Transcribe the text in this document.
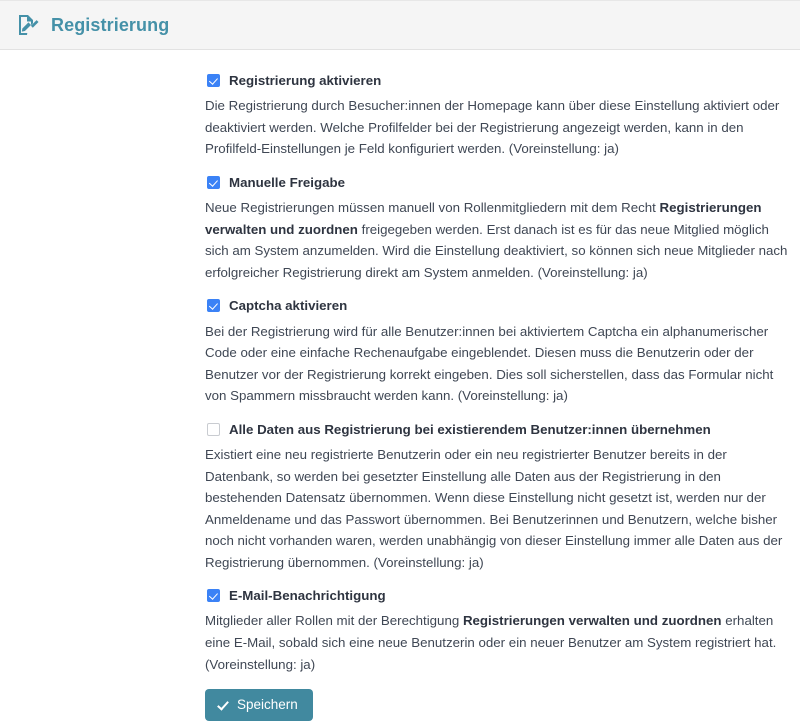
Registrierung
Registrierung aktivieren

Die Registrierung durch Besucher:innen der Homepage kann über diese Einstellung aktiviert oder deaktiviert werden. Welche Profilfelder bei der Registrierung angezeigt werden, kann in den Profilfeld-Einstellungen je Feld konfiguriert werden. (Voreinstellung: ja)

Manuelle Freigabe

Neue Registrierungen müssen manuell von Rollenmitgliedern mit dem Recht Registrierungen verwalten und zuordnen freigegeben werden. Erst danach ist es für das neue Mitglied möglich sich am System anzumelden. Wird die Einstellung deaktiviert, so können sich neue Mitglieder nach erfolgreicher Registrierung direkt am System anmelden. (Voreinstellung: ja)

Captcha aktivieren

Bei der Registrierung wird für alle Benutzer:innen bei aktiviertem Captcha ein alphanumerischer Code oder eine einfache Rechenaufgabe eingeblendet. Diesen muss die Benutzerin oder der Benutzer vor der Registrierung korrekt eingeben. Dies soll sicherstellen, dass das Formular nicht von Spammern missbraucht werden kann. (Voreinstellung: ja)

Alle Daten aus Registrierung bei existierendem Benutzer:innen übernehmen

Existiert eine neu registrierte Benutzerin oder ein neu registrierter Benutzer bereits in der Datenbank, so werden bei gesetzter Einstellung alle Daten aus der Registrierung in den bestehenden Datensatz übernommen. Wenn diese Einstellung nicht gesetzt ist, werden nur der Anmeldename und das Passwort übernommen. Bei Benutzerinnen und Benutzern, welche bisher noch nicht vorhanden waren, werden unabhängig von dieser Einstellung immer alle Daten aus der Registrierung übernommen. (Voreinstellung: ja)

E-Mail-Benachrichtigung

Mitglieder aller Rollen mit der Berechtigung Registrierungen verwalten und zuordnen erhalten eine E-Mail, sobald sich eine neue Benutzerin oder ein neuer Benutzer am System registriert hat. (Voreinstellung: ja)

Speichern
